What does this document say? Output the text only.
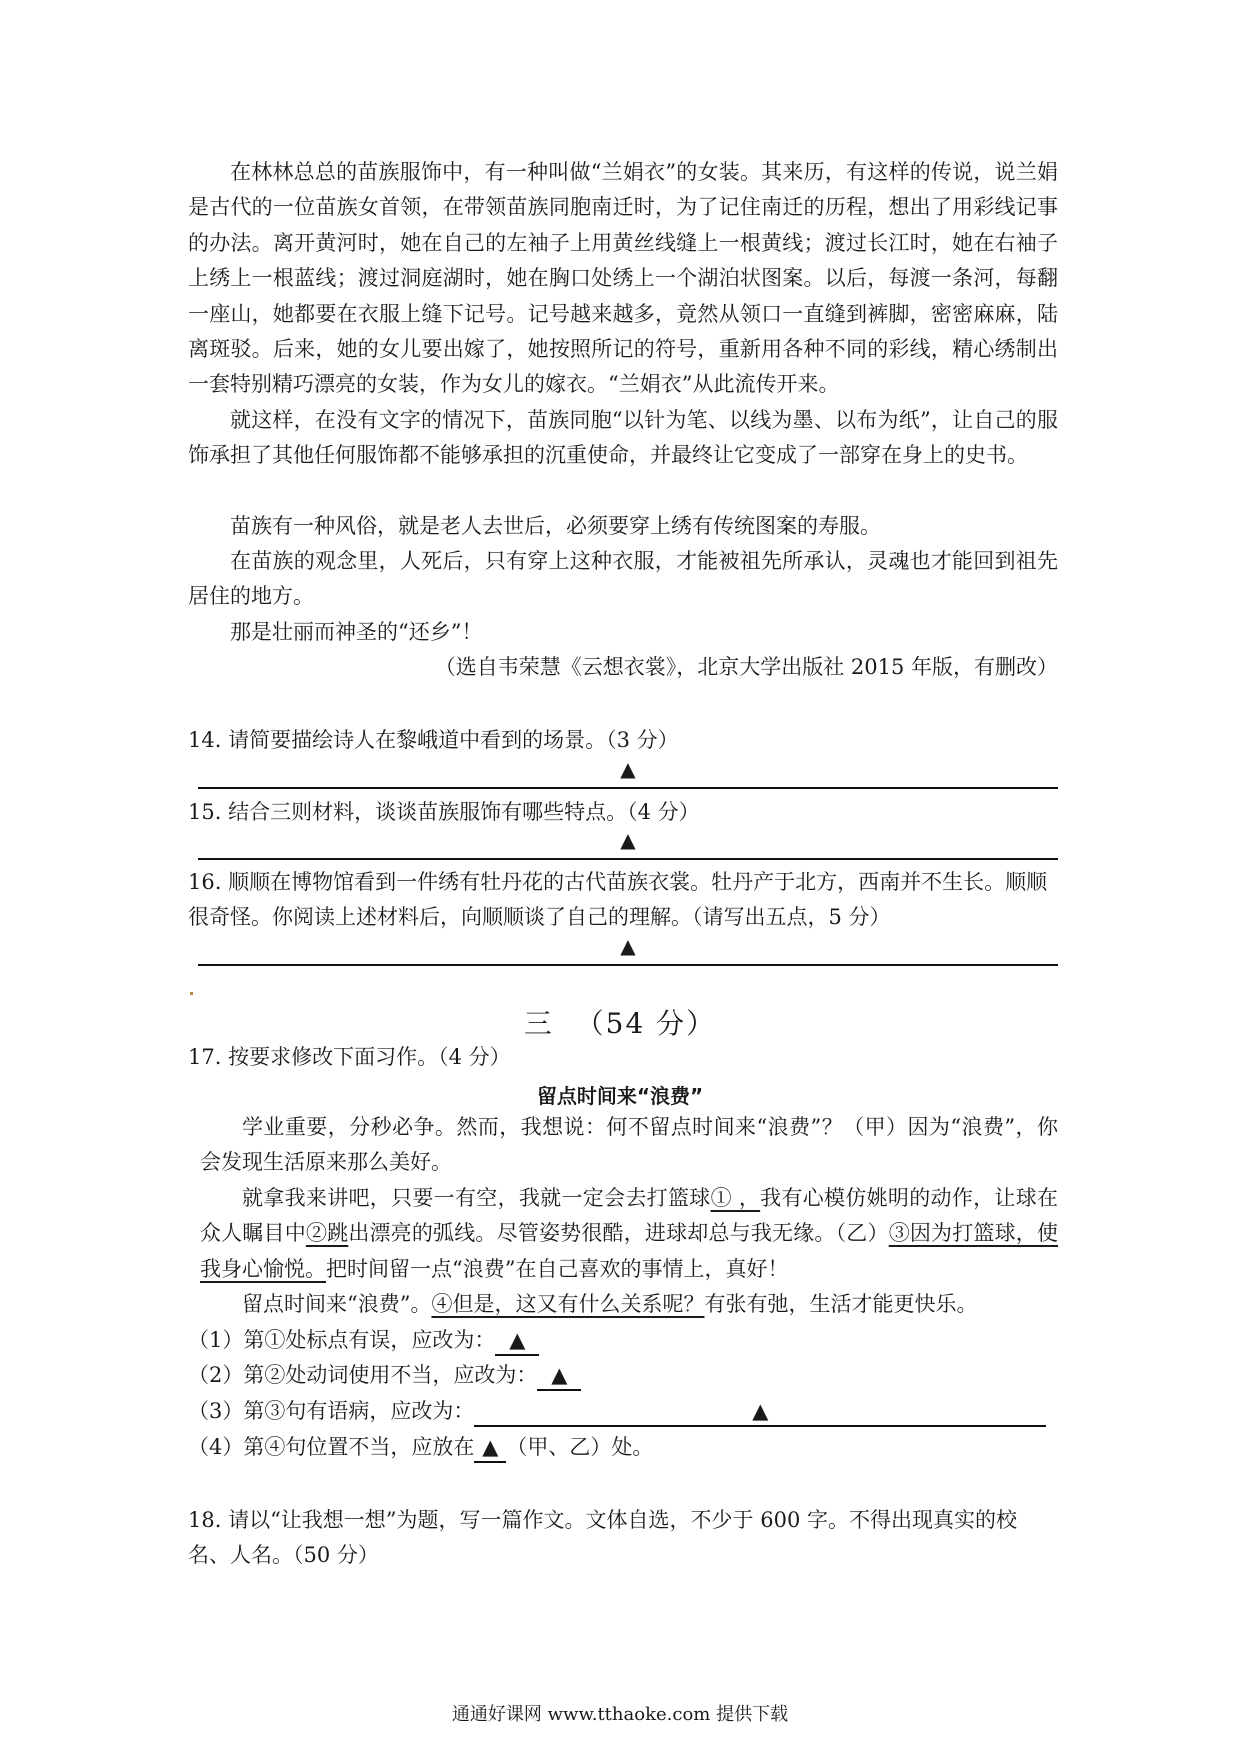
在林林总总的苗族服饰中，有一种叫做“兰娟衣”的女装。其来历，有这样的传说，说兰娟是古代的一位苗族女首领，在带领苗族同胞南迁时，为了记住南迁的历程，想出了用彩线记事的办法。离开黄河时，她在自己的左袖子上用黄丝线缝上一根黄线；渡过长江时，她在右袖子上绣上一根蓝线；渡过洞庭湖时，她在胸口处绣上一个湖泊状图案。以后，每渡一条河，每翻一座山，她都要在衣服上缝下记号。记号越来越多，竟然从领口一直缝到裤脚，密密麻麻，陆离斑驳。后来，她的女儿要出嫁了，她按照所记的符号，重新用各种不同的彩线，精心绣制出一套特别精巧漂亮的女装，作为女儿的嫁衣。“兰娟衣”从此流传开来。

就这样，在没有文字的情况下，苗族同胞“以针为笔、以线为墨、以布为纸”，让自己的服饰承担了其他任何服饰都不能够承担的沉重使命，并最终让它变成了一部穿在身上的史书。

苗族有一种风俗，就是老人去世后，必须要穿上绣有传统图案的寿服。

在苗族的观念里，人死后，只有穿上这种衣服，才能被祖先所承认，灵魂也才能回到祖先居住的地方。

那是壮丽而神圣的“还乡”！

（选自韦荣慧《云想衣裳》，北京大学出版社 2015 年版，有删改）

14. 请简要描绘诗人在黎峨道中看到的场景。（3 分）

▲

15. 结合三则材料，谈谈苗族服饰有哪些特点。（4 分）

▲

16. 顺顺在博物馆看到一件绣有牡丹花的古代苗族衣裳。牡丹产于北方，西南并不生长。顺顺很奇怪。你阅读上述材料后，向顺顺谈了自己的理解。（请写出五点，5 分）

▲
三 （54 分）

17. 按要求修改下面习作。（4 分）

留点时间来“浪费”

学业重要，分秒必争。然而，我想说：何不留点时间来“浪费”？（甲）因为“浪费”，你会发现生活原来那么美好。

就拿我来讲吧，只要一有空，我就一定会去打篮球① ，我有心模仿姚明的动作，让球在众人瞩目中②跳出漂亮的弧线。尽管姿势很酷，进球却总与我无缘。（乙）③因为打篮球，使我身心愉悦。把时间留一点“浪费”在自己喜欢的事情上，真好！

留点时间来“浪费”。④但是，这又有什么关系呢？有张有弛，生活才能更快乐。

（1）第①处标点有误，应改为： ▲
（2）第②处动词使用不当，应改为： ▲
（3）第③句有语病，应改为：	▲
（4）第④句位置不当，应放在 ▲ （甲、乙）处。

18. 请以“让我想一想”为题，写一篇作文。文体自选，不少于 600 字。不得出现真实的校名、人名。（50 分）

通通好课网 www.tthaoke.com 提供下载
